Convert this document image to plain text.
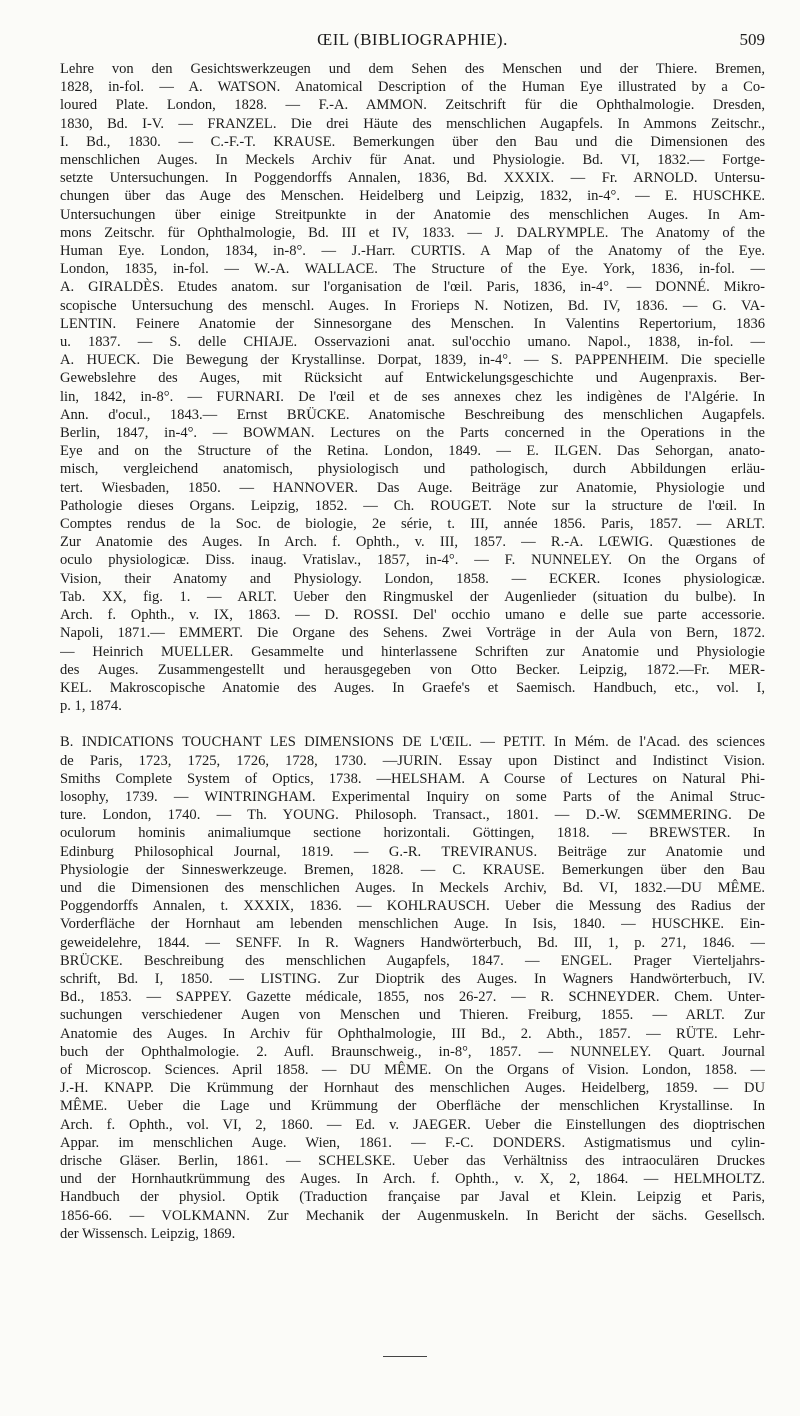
ŒIL (BIBLIOGRAPHIE).	509
Lehre von den Gesichtswerkzeugen und dem Sehen des Menschen und der Thiere. Bremen,
1828, in-fol. — A. WATSON. Anatomical Description of the Human Eye illustrated by a Co-
loured Plate. London, 1828. — F.-A. AMMON. Zeitschrift für die Ophthalmologie. Dresden,
1830, Bd. I-V. — FRANZEL. Die drei Häute des menschlichen Augapfels. In Ammons Zeitschr.,
I. Bd., 1830. — C.-F.-T. KRAUSE. Bemerkungen über den Bau und die Dimensionen des
menschlichen Auges. In Meckels Archiv für Anat. und Physiologie. Bd. VI, 1832.— Fortge-
setzte Untersuchungen. In Poggendorffs Annalen, 1836, Bd. XXXIX. — Fr. ARNOLD. Untersu-
chungen über das Auge des Menschen. Heidelberg und Leipzig, 1832, in-4°. — E. HUSCHKE.
Untersuchungen über einige Streitpunkte in der Anatomie des menschlichen Auges. In Am-
mons Zeitschr. für Ophthalmologie, Bd. III et IV, 1833. — J. DALRYMPLE. The Anatomy of the
Human Eye. London, 1834, in-8°. — J.-Harr. CURTIS. A Map of the Anatomy of the Eye.
London, 1835, in-fol. — W.-A. WALLACE. The Structure of the Eye. York, 1836, in-fol. —
A. GIRALDÈS. Etudes anatom. sur l'organisation de l'œil. Paris, 1836, in-4°. — DONNÉ. Mikro-
scopische Untersuchung des menschl. Auges. In Frorieps N. Notizen, Bd. IV, 1836. — G. VA-
LENTIN. Feinere Anatomie der Sinnesorgane des Menschen. In Valentins Repertorium, 1836
u. 1837. — S. delle CHIAJE. Osservazioni anat. sul'occhio umano. Napol., 1838, in-fol. —
A. HUECK. Die Bewegung der Krystallinse. Dorpat, 1839, in-4°. — S. PAPPENHEIM. Die specielle
Gewebslehre des Auges, mit Rücksicht auf Entwickelungsgeschichte und Augenpraxis. Ber-
lin, 1842, in-8°. — FURNARI. De l'œil et de ses annexes chez les indigènes de l'Algérie. In
Ann. d'ocul., 1843.— Ernst BRÜCKE. Anatomische Beschreibung des menschlichen Augapfels.
Berlin, 1847, in-4°. — BOWMAN. Lectures on the Parts concerned in the Operations in the
Eye and on the Structure of the Retina. London, 1849. — E. ILGEN. Das Sehorgan, anato-
misch, vergleichend anatomisch, physiologisch und pathologisch, durch Abbildungen erläu-
tert. Wiesbaden, 1850. — HANNOVER. Das Auge. Beiträge zur Anatomie, Physiologie und
Pathologie dieses Organs. Leipzig, 1852. — Ch. ROUGET. Note sur la structure de l'œil. In
Comptes rendus de la Soc. de biologie, 2e série, t. III, année 1856. Paris, 1857. — ARLT.
Zur Anatomie des Auges. In Arch. f. Ophth., v. III, 1857. — R.-A. LŒWIG. Quæstiones de
oculo physiologicæ. Diss. inaug. Vratislav., 1857, in-4°. — F. NUNNELEY. On the Organs of
Vision, their Anatomy and Physiology. London, 1858. — ECKER. Icones physiologicæ.
Tab. XX, fig. 1. — ARLT. Ueber den Ringmuskel der Augenlieder (situation du bulbe). In
Arch. f. Ophth., v. IX, 1863. — D. ROSSI. Del' occhio umano e delle sue parte accessorie.
Napoli, 1871.— EMMERT. Die Organe des Sehens. Zwei Vorträge in der Aula von Bern, 1872.
— Heinrich MUELLER. Gesammelte und hinterlassene Schriften zur Anatomie und Physiologie
des Auges. Zusammengestellt und herausgegeben von Otto Becker. Leipzig, 1872.—Fr. MER-
KEL. Makroscopische Anatomie des Auges. In Graefe's et Saemisch. Handbuch, etc., vol. I,
p. 1, 1874.
B. INDICATIONS TOUCHANT LES DIMENSIONS DE L'ŒIL. — PETIT. In Mém. de l'Acad. des sciences
de Paris, 1723, 1725, 1726, 1728, 1730. —JURIN. Essay upon Distinct and Indistinct Vision.
Smiths Complete System of Optics, 1738. —HELSHAM. A Course of Lectures on Natural Phi-
losophy, 1739. — WINTRINGHAM. Experimental Inquiry on some Parts of the Animal Struc-
ture. London, 1740. — Th. YOUNG. Philosoph. Transact., 1801. — D.-W. SŒMMERING. De
oculorum hominis animaliumque sectione horizontali. Göttingen, 1818. — BREWSTER. In
Edinburg Philosophical Journal, 1819. — G.-R. TREVIRANUS. Beiträge zur Anatomie und
Physiologie der Sinneswerkzeuge. Bremen, 1828. — C. KRAUSE. Bemerkungen über den Bau
und die Dimensionen des menschlichen Auges. In Meckels Archiv, Bd. VI, 1832.—DU MÊME.
Poggendorffs Annalen, t. XXXIX, 1836. — KOHLRAUSCH. Ueber die Messung des Radius der
Vorderfläche der Hornhaut am lebenden menschlichen Auge. In Isis, 1840. — HUSCHKE. Ein-
geweidelehre, 1844. — SENFF. In R. Wagners Handwörterbuch, Bd. III, 1, p. 271, 1846. —
BRÜCKE. Beschreibung des menschlichen Augapfels, 1847. — ENGEL. Prager Vierteljahrs-
schrift, Bd. I, 1850. — LISTING. Zur Dioptrik des Auges. In Wagners Handwörterbuch, IV.
Bd., 1853. — SAPPEY. Gazette médicale, 1855, nos 26-27. — R. SCHNEYDER. Chem. Unter-
suchungen verschiedener Augen von Menschen und Thieren. Freiburg, 1855. — ARLT. Zur
Anatomie des Auges. In Archiv für Ophthalmologie, III Bd., 2. Abth., 1857. — RÜTE. Lehr-
buch der Ophthalmologie. 2. Aufl. Braunschweig., in-8°, 1857. — NUNNELEY. Quart. Journal
of Microscop. Sciences. April 1858. — DU MÊME. On the Organs of Vision. London, 1858. —
J.-H. KNAPP. Die Krümmung der Hornhaut des menschlichen Auges. Heidelberg, 1859. — DU
MÊME. Ueber die Lage und Krümmung der Oberfläche der menschlichen Krystallinse. In
Arch. f. Ophth., vol. VI, 2, 1860. — Ed. v. JAEGER. Ueber die Einstellungen des dioptrischen
Appar. im menschlichen Auge. Wien, 1861. — F.-C. DONDERS. Astigmatismus und cylin-
drische Gläser. Berlin, 1861. — SCHELSKE. Ueber das Verhältniss des intraoculären Druckes
und der Hornhautkrümmung des Auges. In Arch. f. Ophth., v. X, 2, 1864. — HELMHOLTZ.
Handbuch der physiol. Optik (Traduction française par Javal et Klein. Leipzig et Paris,
1856-66. — VOLKMANN. Zur Mechanik der Augenmuskeln. In Bericht der sächs. Gesellsch.
der Wissensch. Leipzig, 1869.
